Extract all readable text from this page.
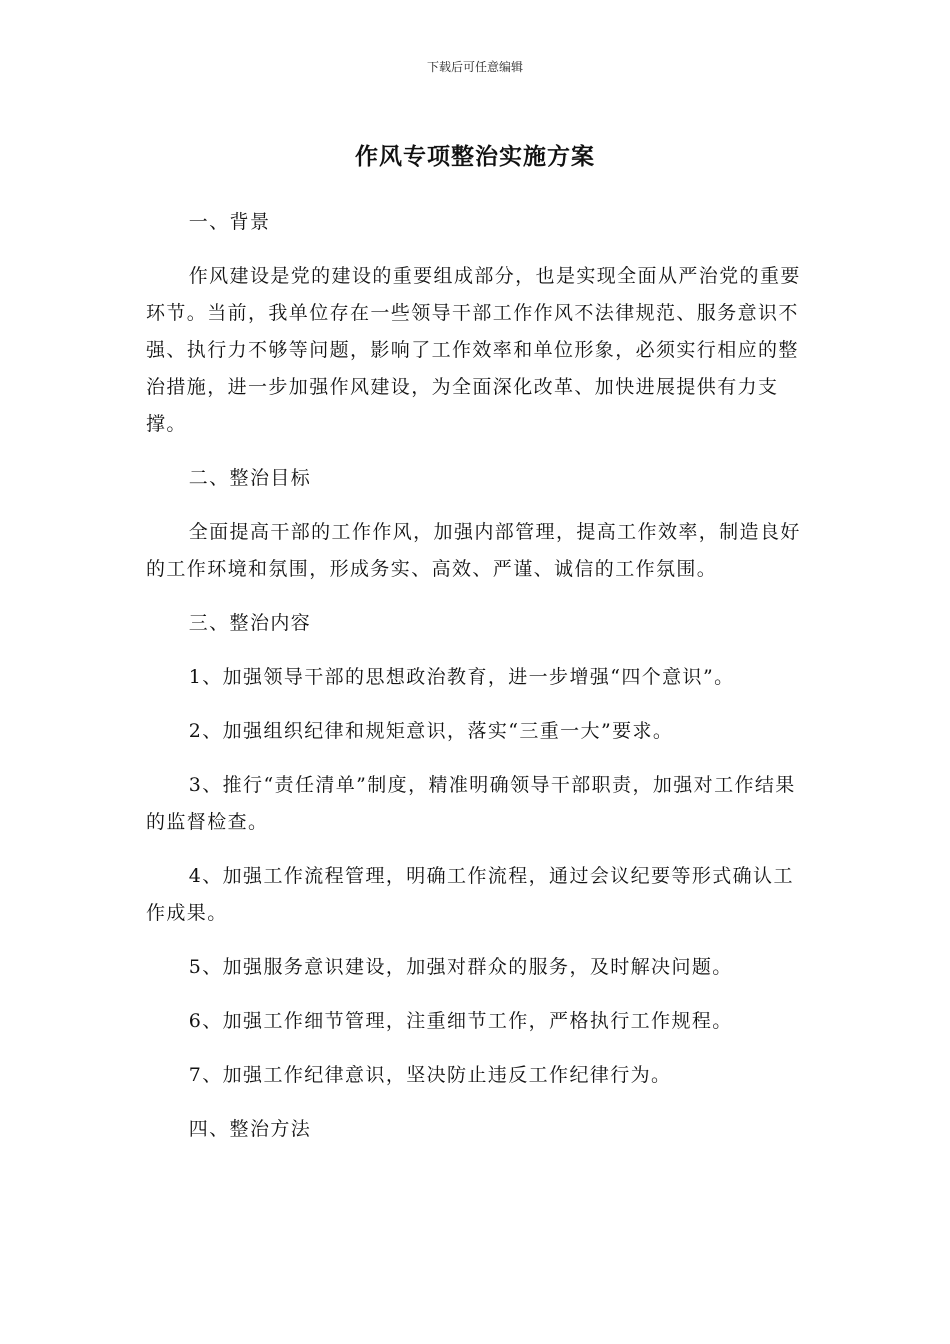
下载后可任意编辑
作风专项整治实施方案

一、背景

作风建设是党的建设的重要组成部分，也是实现全面从严治党的重要环节。当前，我单位存在一些领导干部工作作风不法律规范、服务意识不强、执行力不够等问题，影响了工作效率和单位形象，必须实行相应的整治措施，进一步加强作风建设，为全面深化改革、加快进展提供有力支撑。

二、整治目标

全面提高干部的工作作风，加强内部管理，提高工作效率，制造良好的工作环境和氛围，形成务实、高效、严谨、诚信的工作氛围。

三、整治内容

1、加强领导干部的思想政治教育，进一步增强“四个意识”。

2、加强组织纪律和规矩意识，落实“三重一大”要求。

3、推行“责任清单”制度，精准明确领导干部职责，加强对工作结果的监督检查。

4、加强工作流程管理，明确工作流程，通过会议纪要等形式确认工作成果。

5、加强服务意识建设，加强对群众的服务，及时解决问题。

6、加强工作细节管理，注重细节工作，严格执行工作规程。

7、加强工作纪律意识，坚决防止违反工作纪律行为。

四、整治方法
